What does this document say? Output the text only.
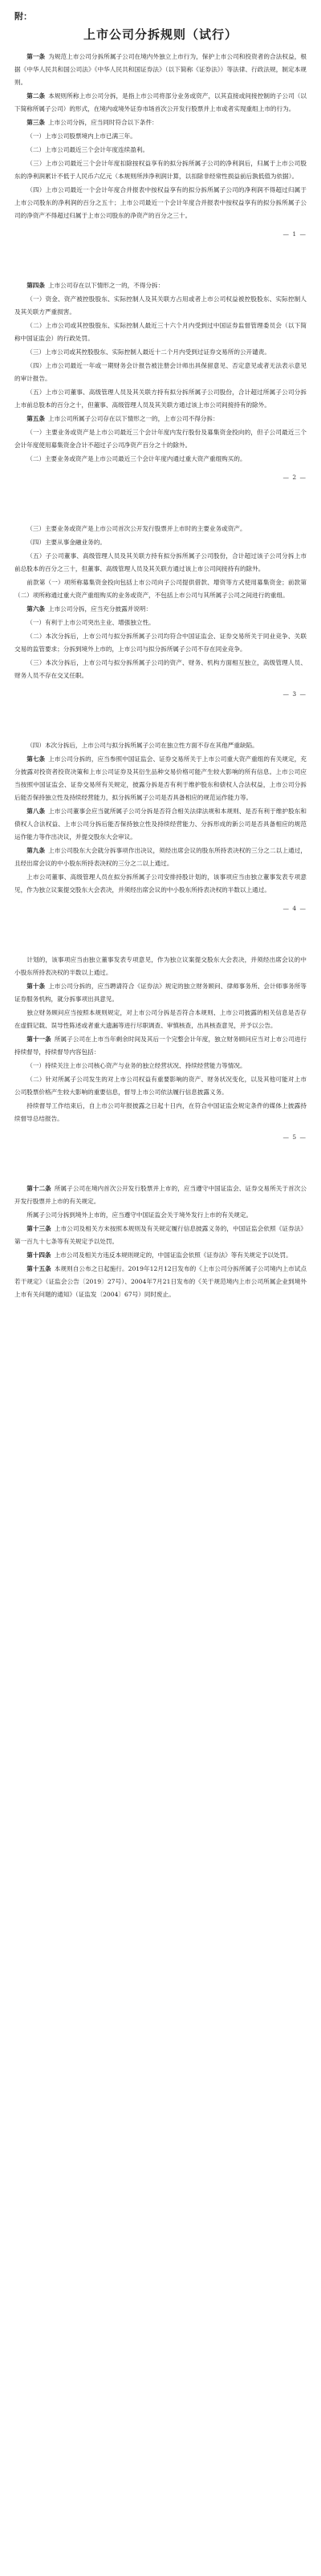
附：
上市公司分拆规则（试行）

第一条 为规范上市公司分拆所属子公司在境内外独立上市行为，保护上市公司和投资者的合法权益，根据《中华人民共和国公司法》《中华人民共和国证券法》（以下简称《证券法》）等法律、行政法规，制定本规则。

第二条 本规则所称上市公司分拆，是指上市公司将部分业务或资产，以其直接或间接控制的子公司（以下简称所属子公司）的形式，在境内或境外证券市场首次公开发行股票并上市或者实现重组上市的行为。

第三条 上市公司分拆，应当同时符合以下条件：

（一）上市公司股票境内上市已满三年。

（二）上市公司最近三个会计年度连续盈利。

（三）上市公司最近三个会计年度扣除按权益享有的拟分拆所属子公司的净利润后，归属于上市公司股东的净利润累计不低于人民币六亿元（本规则所涉净利润计算，以扣除非经常性损益前后孰低值为依据）。

（四）上市公司最近一个会计年度合并报表中按权益享有的拟分拆所属子公司的净利润不得超过归属于上市公司股东的净利润的百分之五十；上市公司最近一个会计年度合并报表中按权益享有的拟分拆所属子公司的净资产不得超过归属于上市公司股东的净资产的百分之三十。

— 1 —

第四条 上市公司存在以下情形之一的，不得分拆：

（一）资金、资产被控股股东、实际控制人及其关联方占用或者上市公司权益被控股股东、实际控制人及其关联方严重损害。

（二）上市公司或其控股股东、实际控制人最近三十六个月内受到过中国证券监督管理委员会（以下简称中国证监会）的行政处罚。

（三）上市公司或其控股股东、实际控制人最近十二个月内受到过证券交易所的公开谴责。

（四）上市公司最近一年或一期财务会计报告被注册会计师出具保留意见、否定意见或者无法表示意见的审计报告。

（五）上市公司董事、高级管理人员及其关联方持有拟分拆所属子公司股份，合计超过所属子公司分拆上市前总股本的百分之十，但董事、高级管理人员及其关联方通过该上市公司间接持有的除外。

第五条 上市公司所属子公司存在以下情形之一的，上市公司不得分拆：

（一）主要业务或资产是上市公司最近三个会计年度内发行股份及募集资金投向的，但子公司最近三个会计年度使用募集资金合计不超过子公司净资产百分之十的除外。

（二）主要业务或资产是上市公司最近三个会计年度内通过重大资产重组购买的。

— 2 —

（三）主要业务或资产是上市公司首次公开发行股票并上市时的主要业务或资产。

（四）主要从事金融业务的。

（五）子公司董事、高级管理人员及其关联方持有拟分拆所属子公司股份，合计超过该子公司分拆上市前总股本的百分之三十，但董事、高级管理人员及其关联方通过该上市公司间接持有的除外。

前款第（一）项所称募集资金投向包括上市公司向子公司提供借款、增资等方式使用募集资金；前款第（二）项所称通过重大资产重组购买的业务或资产，不包括上市公司与其所属子公司之间进行的重组。

第六条 上市公司分拆，应当充分披露并说明：

（一）有利于上市公司突出主业、增强独立性。

（二）本次分拆后，上市公司与拟分拆所属子公司均符合中国证监会、证券交易所关于同业竞争、关联交易的监管要求；分拆到境外上市的，上市公司与拟分拆所属子公司不存在同业竞争。

（三）本次分拆后，上市公司与拟分拆所属子公司的资产、财务、机构方面相互独立，高级管理人员、财务人员不存在交叉任职。

— 3 —

（四）本次分拆后，上市公司与拟分拆所属子公司在独立性方面不存在其他严重缺陷。

第七条 上市公司分拆的，应当参照中国证监会、证券交易所关于上市公司重大资产重组的有关规定，充分披露对投资者投资决策和上市公司证券及其衍生品种交易价格可能产生较大影响的所有信息。上市公司应当按照中国证监会、证券交易所有关规定，披露分拆是否有利于维护股东和债权人合法权益，上市公司分拆后能否保持独立性及持续经营能力，拟分拆所属子公司是否具备相应的规范运作能力等。

第八条 上市公司董事会应当就所属子公司分拆是否符合相关法律法规和本规则、是否有利于维护股东和债权人合法权益、上市公司分拆后能否保持独立性及持续经营能力、分拆形成的新公司是否具备相应的规范运作能力等作出决议，并提交股东大会审议。

第九条 上市公司股东大会就分拆事项作出决议，须经出席会议的股东所持表决权的三分之二以上通过，且经出席会议的中小股东所持表决权的三分之二以上通过。

上市公司董事、高级管理人员在拟分拆所属子公司安排持股计划的，该事项应当由独立董事发表专项意见，作为独立议案提交股东大会表决，并须经出席会议的中小股东所持表决权的半数以上通过。

— 4 —

计划的，该事项应当由独立董事发表专项意见，作为独立议案提交股东大会表决，并须经出席会议的中小股东所持表决权的半数以上通过。

第十条 上市公司分拆的，应当聘请符合《证券法》规定的独立财务顾问、律师事务所、会计师事务所等证券服务机构，就分拆事项出具意见。

独立财务顾问应当按照本规则规定，对上市公司分拆是否符合本规则、上市公司披露的相关信息是否存在虚假记载、误导性陈述或者重大遗漏等进行尽职调查、审慎核查，出具核查意见，并予以公告。

第十一条 所属子公司在上市当年剩余时间及其后一个完整会计年度，独立财务顾问应当对上市公司进行持续督导，持续督导内容包括：

（一）持续关注上市公司核心资产与业务的独立经营状况、持续经营能力等情况。

（二）针对所属子公司发生的对上市公司权益有重要影响的资产、财务状况变化，以及其他可能对上市公司股票价格产生较大影响的重要信息，督导上市公司依法履行信息披露义务。

持续督导工作结束后，自上市公司年报披露之日起十日内，在符合中国证监会规定条件的媒体上披露持续督导总结报告。

— 5 —

第十二条 所属子公司在境内首次公开发行股票并上市的，应当遵守中国证监会、证券交易所关于首次公开发行股票并上市的有关规定。

所属子公司分拆到境外上市的，应当遵守中国证监会关于境外发行上市的有关规定。

第十三条 上市公司及相关方未按照本规则及有关规定履行信息披露义务的，中国证监会依照《证券法》第一百九十七条等有关规定予以处罚。

第十四条 上市公司及相关方违反本规则规定的，中国证监会依照《证券法》等有关规定予以处罚。

第十五条 本规则自公布之日起施行。2019年12月12日发布的《上市公司分拆所属子公司境内上市试点若干规定》（证监会公告〔2019〕27号）、2004年7月21日发布的《关于规范境内上市公司所属企业到境外上市有关问题的通知》（证监发〔2004〕67号）同时废止。
